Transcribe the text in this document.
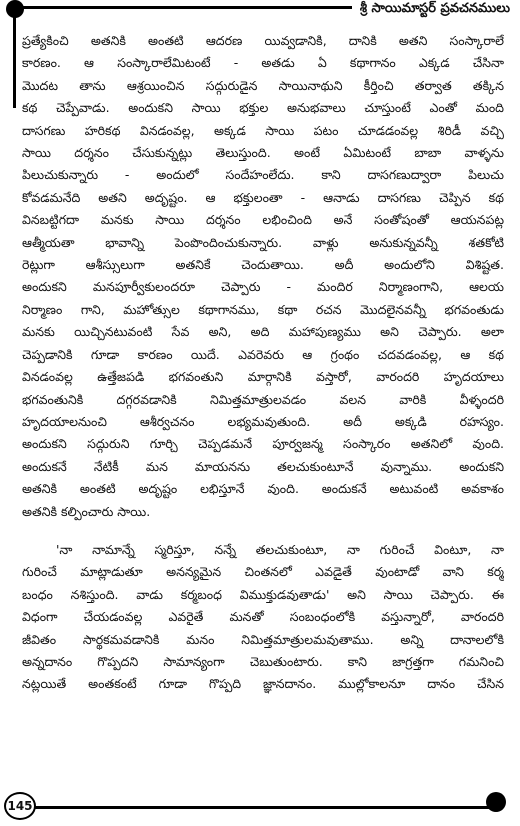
శ్రీ సాయిమాస్టర్ ప్రవచనములు
ప్రత్యేకించి అతనికి అంతటి ఆదరణ యివ్వడానికి, దానికి అతని సంస్కారాలే
కారణం. ఆ సంస్కారాలేమిటంటే - అతడు ఏ కథాగానం ఎక్కడ చేసినా
మొదట తాను ఆశ్రయించిన సద్గురుడైన సాయినాథుని కీర్తించి తర్వాత తక్కిన
కథ చెప్పేవాడు. అందుకని సాయి భక్తుల అనుభవాలు చూస్తుంటే ఎంతో మంది
దాసగణు హరికథ వినడంవల్ల, అక్కడ సాయి పటం చూడడంవల్ల శిరిడీ వచ్చి
సాయి దర్శనం చేసుకున్నట్లు తెలుస్తుంది. అంటే ఏమిటంటే బాబా వాళ్ళను
పిలుచుకున్నారు - అందులో సందేహంలేదు. కాని దాసగణుద్వారా పిలుచు
కోవడమనేది అతని అదృష్టం. ఆ భక్తులంతా - ఆనాడు దాసగణు చెప్పిన కథ
వినబట్టిగదా మనకు సాయి దర్శనం లభించింది అనే సంతోషంతో ఆయనపట్ల
ఆత్మీయతా భావాన్ని పెంపొందించుకున్నారు. వాళ్లు అనుకున్నవన్నీ శతకోటి
రెట్లుగా ఆశీస్సులుగా అతనికే చెందుతాయి. అదీ అందులోని విశిష్టత.
అందుకని మనపూర్వీకులందరూ చెప్పారు - మందిర నిర్మాణంగాని, ఆలయ
నిర్మాణం గాని, మహోత్సుల కథాగానము, కథా రచన మొదలైనవన్నీ భగవంతుడు
మనకు యిచ్చినటువంటి సేవ అని, అది మహాపుణ్యము అని చెప్పారు. అలా
చెప్పడానికి గూడా కారణం యిదే. ఎవరెవరు ఆ గ్రంథం చదవడంవల్ల, ఆ కథ
వినడంవల్ల ఉత్తేజపడి భగవంతుని మార్గానికి వస్తారో, వారందరి హృదయాలు
భగవంతునికి దగ్గరవడానికి నిమిత్తమాత్రులవడం వలన వారికి వీళ్ళందరి
హృదయాలనుంచి ఆశీర్వచనం లభ్యమవుతుంది. అదీ అక్కడి రహస్యం.
అందుకని సద్గురుని గూర్చి చెప్పడమనే పూర్వజన్మ సంస్కారం అతనిలో వుంది.
అందుకనే నేటికీ మన మాయనను తలచుకుంటూనే వున్నాము. అందుకని
అతనికి అంతటి అదృష్టం లభిస్తూనే వుంది. అందుకనే అటువంటి అవకాశం
అతనికి కల్పించారు సాయి.
'నా నామాన్నే స్మరిస్తూ, నన్నే తలచుకుంటూ, నా గురించే వింటూ, నా
గురించే మాట్లాడుతూ అనన్యమైన చింతనలో ఎవడైతే వుంటాడో వాని కర్మ
బంధం నశిస్తుంది. వాడు కర్మబంధ విముక్తుడవుతాడు' అని సాయి చెప్పారు. ఈ
విధంగా చేయడంవల్ల ఎవరైతే మనతో సంబంధంలోకి వస్తున్నారో, వారందరి
జీవితం సార్థకమవడానికి మనం నిమిత్తమాత్రులమవుతాము. అన్ని దానాలలోకి
అన్నదానం గొప్పదని సామాన్యంగా చెబుతుంటారు. కాని జాగ్రత్తగా గమనించి
నట్లయితే అంతకంటే గూడా గొప్పది జ్ఞానదానం. ముల్లోకాలనూ దానం చేసిన
145
